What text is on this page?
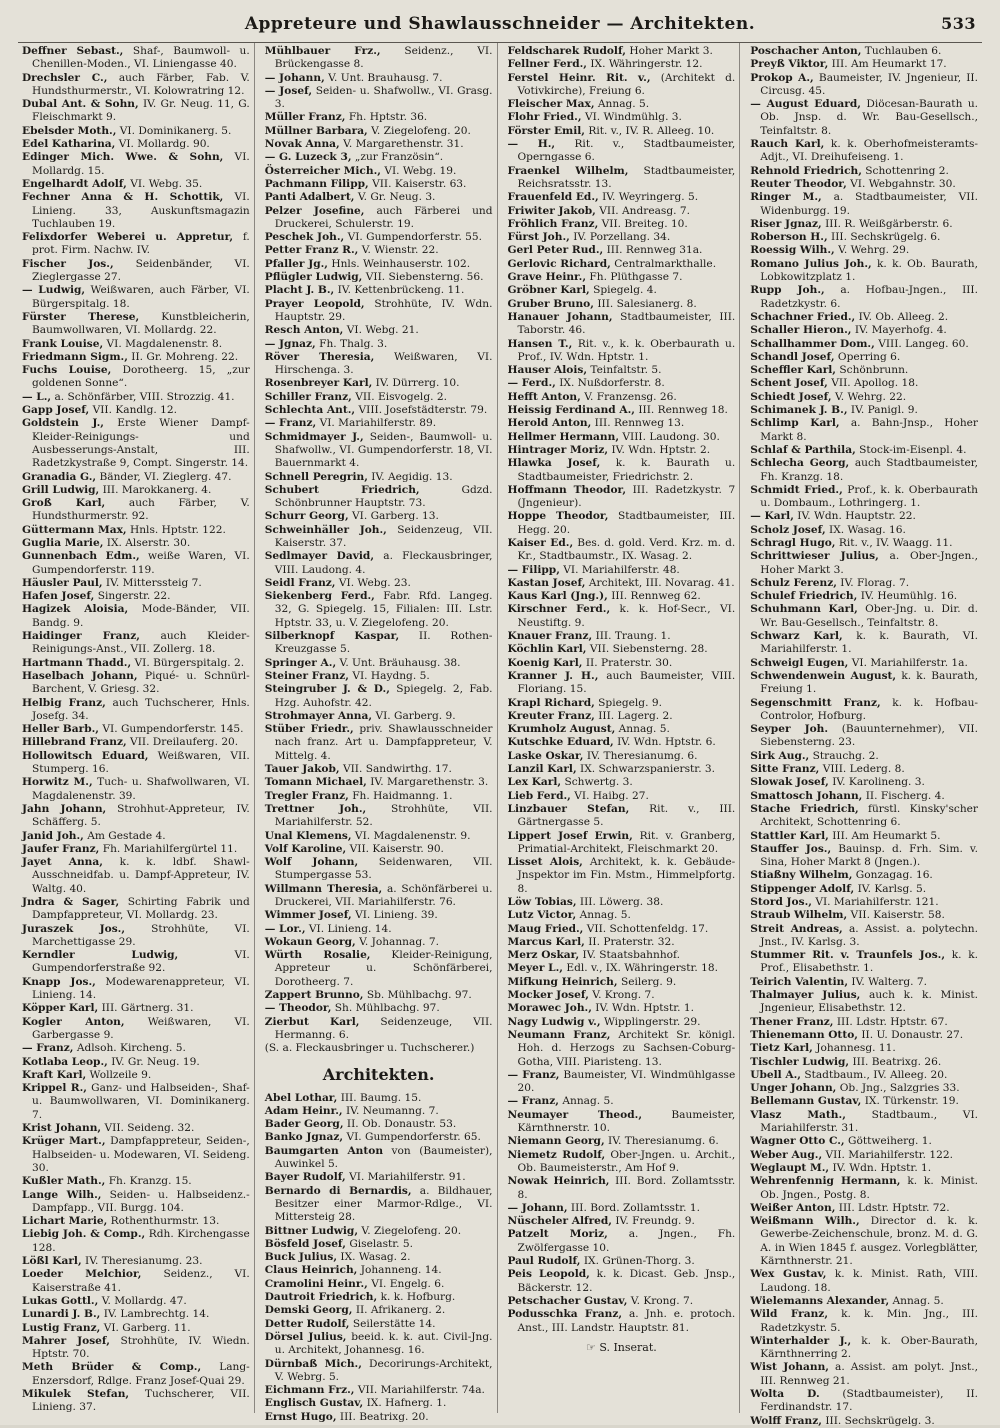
Appreteure und Shawlausschneider — Architekten.	533

Deffner Sebast., Shaf-, Baumwoll- u. Chenillen-Moden., VI. Liniengasse 40.

Drechsler C., auch Färber, Fab. V. Hundsthurmerstr., VI. Kolowratring 12.

Dubal Ant. & Sohn, IV. Gr. Neug. 11, G. Fleischmarkt 9.

Ebelsder Moth., VI. Dominikanerg. 5.

Edel Katharina, VI. Mollardg. 90.

Edinger Mich. Wwe. & Sohn, VI. Mollardg. 15.

Engelhardt Adolf, VI. Webg. 35.

Fechner Anna & H. Schottik, VI. Linieng. 33, Auskunftsmagazin Tuchlauben 19.

Felixdorfer Weberei u. Appretur, f. prot. Firm. Nachw. IV.

Fischer Jos., Seidenbänder, VI. Zieglergasse 27.

— Ludwig, Weißwaren, auch Färber, VI. Bürgerspitalg. 18.

Fürster Therese, Kunstbleicherin, Baumwollwaren, VI. Mollardg. 22.

Frank Louise, VI. Magdalenenstr. 8.

Friedmann Sigm., II. Gr. Mohreng. 22.

Fuchs Louise, Dorotheerg. 15, „zur goldenen Sonne“.

— L., a. Schönfärber, VIII. Strozzig. 41.

Gapp Josef, VII. Kandlg. 12.

Goldstein J., Erste Wiener Dampf-Kleider-Reinigungs- und Ausbesserungs-Anstalt, III. Radetzkystraße 9, Compt. Singerstr. 14.

Granadia G., Bänder, VI. Zieglerg. 47.

Grill Ludwig, III. Marokkanerg. 4.

Groß Karl, auch Färber, V. Hundsthurmerstr. 92.

Güttermann Max, Hnls. Hptstr. 122.

Guglia Marie, IX. Alserstr. 30.

Gunnenbach Edm., weiße Waren, VI. Gumpendorferstr. 119.

Häusler Paul, IV. Mitterssteig 7.

Hafen Josef, Singerstr. 22.

Hagizek Aloisia, Mode-Bänder, VII. Bandg. 9.

Haidinger Franz, auch Kleider-Reinigungs-Anst., VII. Zollerg. 18.

Hartmann Thadd., VI. Bürgerspitalg. 2.

Haselbach Johann, Piqué- u. Schnürl-Barchent, V. Griesg. 32.

Helbig Franz, auch Tuchscherer, Hnls. Josefg. 34.

Heller Barb., VI. Gumpendorferstr. 145.

Hillebrand Franz, VII. Dreilauferg. 20.

Hollowitsch Eduard, Weißwaren, VII. Stumperg. 16.

Horwitz M., Tuch- u. Shafwollwaren, VI. Magdalenenstr. 39.

Jahn Johann, Strohhut-Appreteur, IV. Schäfferg. 5.

Janid Joh., Am Gestade 4.

Jaufer Franz, Fh. Mariahilfergürtel 11.

Jayet Anna, k. k. ldbf. Shawl-Ausschneidfab. u. Dampf-Appreteur, IV. Waltg. 40.

Jndra & Sager, Schirting Fabrik und Dampfappreteur, VI. Mollardg. 23.

Juraszek Jos., Strohhüte, VI. Marchettigasse 29.

Kerndler Ludwig,	VI. Gumpendorferstraße 92.

Knapp Jos., Modewarenappreteur, VI. Linieng. 14.

Köpper Karl, III. Gärtnerg. 31.

Kogler Anton, Weißwaren, VI. Garbergasse 9.

— Franz, Adlsoh. Kircheng. 5.

Kotlaba Leop., IV. Gr. Neug. 19.

Kraft Karl, Wollzeile 9.

Krippel R., Ganz- und Halbseiden-, Shaf- u. Baumwollwaren, VI. Dominikanerg. 7.

Krist Johann, VII. Seideng. 32.

Krüger Mart., Dampfappreteur, Seiden-, Halbseiden- u. Modewaren, VI. Seideng. 30.

Kußler Math., Fh. Kranzg. 15.

Lange Wilh., Seiden- u. Halbseidenz.-Dampfapp., VII. Burgg. 104.

Lichart Marie, Rothenthurmstr. 13.

Liebig Joh. & Comp., Rdh. Kirchengasse 128.

Lößl Karl, IV. Theresianumg. 23.

Loeder Melchior, Seidenz., VI. Kaiserstraße 41.

Lukas Gottl., V. Mollardg. 47.

Lunardi J. B., IV. Lambrechtg. 14.

Lustig Franz, VI. Garberg. 11.

Mahrer Josef, Strohhüte, IV. Wiedn. Hptstr. 70.

Meth Brüder & Comp., Lang-Enzersdorf, Rdlge. Franz Josef-Quai 29.

Mikulek Stefan, Tuchscherer, VII. Linieng. 37.

Mühlbauer Frz., Seidenz., VI. Brückengasse 8.

— Johann, V. Unt. Brauhausg. 7.

— Josef, Seiden- u. Shafwollw., VI. Grasg. 3.

Müller Franz, Fh. Hptstr. 36.

Müllner Barbara, V. Ziegelofeng. 20.

Novak Anna, V. Margarethenstr. 31.

— G. Luzeck 3, „zur Französin“.

Österreicher Mich., VI. Webg. 19.

Pachmann Filipp, VII. Kaiserstr. 63.

Panti Adalbert, V. Gr. Neug. 3.

Pelzer Josefine, auch Färberei und Druckerei, Schulerstr. 19.

Peschek Joh., VI. Gumpendorferstr. 55.

Petter Franz R., V. Wienstr. 22.

Pfaller Jg., Hnls. Weinhauserstr. 102.

Pflügler Ludwig, VII. Siebensterng. 56.

Placht J. B., IV. Kettenbrückeng. 11.

Prayer Leopold, Strohhüte, IV. Wdn. Hauptstr. 29.

Resch Anton, VI. Webg. 21.

— Jgnaz, Fh. Thalg. 3.

Röver Theresia, Weißwaren, VI. Hirschenga. 3.

Rosenbreyer Karl, IV. Dürrerg. 10.

Schiller Franz, VII. Eisvogelg. 2.

Schlechta Ant., VIII. Josefstädterstr. 79.

— Franz, VI. Mariahilferstr. 89.

Schmidmayer J., Seiden-, Baumwoll- u. Shafwollw., VI. Gumpendorferstr. 18, VI. Bauernmarkt 4.

Schnell Peregrin, IV. Aegidig. 13.

Schubert Friedrich,	Gdzd. Schönbrunner Hauptstr. 73.

Schurr Georg, VI. Garberg. 13.

Schweinhäller Joh., Seidenzeug, VII. Kaiserstr. 37.

Sedlmayer David, a. Fleckausbringer, VIII. Laudong. 4.

Seidl Franz, VI. Webg. 23.

Siekenberg Ferd., Fabr. Rfd. Langeg. 32, G. Spiegelg. 15, Filialen: III. Lstr. Hptstr. 33, u. V. Ziegelofeng. 20.

Silberknopf Kaspar, II. Rothen-Kreuzgasse 5.

Springer A., V. Unt. Bräuhausg. 38.

Steiner Franz, VI. Haydng. 5.

Steingruber J. & D., Spiegelg. 2, Fab. Hzg. Auhofstr. 42.

Strohmayer Anna, VI. Garberg. 9.

Stüber Friedr., priv. Shawlausschneider nach franz. Art u. Dampfappreteur, V. Mittelg. 4.

Tauer Jakob, VII. Sandwirthg. 17.

Tomann Michael, IV. Margarethenstr. 3.

Tregler Franz, Fh. Haidmanng. 1.

Trettner Joh., Strohhüte, VII. Mariahilferstr. 52.

Unal Klemens, VI. Magdalenenstr. 9.

Volf Karoline, VII. Kaiserstr. 90.

Wolf Johann, Seidenwaren, VII. Stumpergasse 53.

Willmann Theresia, a. Schönfärberei u. Druckerei, VII. Mariahilferstr. 76.

Wimmer Josef, VI. Linieng. 39.

— Lor., VI. Linieng. 14.

Wokaun Georg, V. Johannag. 7.

Würth Rosalie, Kleider-Reinigung, Appreteur u. Schönfärberei, Dorotheerg. 7.

Zappert Brunno, Sb. Mühlbachg. 97.

— Theodor, Sh. Mühlbachg. 97.

Zierbut Karl, Seidenzeuge, VII. Hermanng. 6.

(S. a. Fleckausbringer u. Tuchscherer.)

Architekten.

Abel Lothar, III. Baumg. 15.

Adam Heinr., IV. Neumanng. 7.

Bader Georg, II. Ob. Donaustr. 53.

Banko Jgnaz, VI. Gumpendorferstr. 65.

Baumgarten Anton von (Baumeister), Auwinkel 5.

Bayer Rudolf, VI. Mariahilferstr. 91.

Bernardo di Bernardis, a. Bildhauer, Besitzer einer Marmor-Rdlge., VI. Mittersteig 28.

Bittner Ludwig, V. Ziegelofeng. 20.

Bösfeld Josef, Giselastr. 5.

Buck Julius, IX. Wasag. 2.

Claus Heinrich, Johanneng. 14.

Cramolini Heinr., VI. Engelg. 6.

Dautroit Friedrich, k. k. Hofburg.

Demski Georg, II. Afrikanerg. 2.

Detter Rudolf, Seilerstätte 14.

Dörsel Julius, beeid. k. k. aut. Civil-Jng. u. Architekt, Johannesg. 16.

Dürnbaß Mich., Decorirungs-Architekt, V. Webrg. 5.

Eichmann Frz., VII. Mariahilferstr. 74a.

Englisch Gustav, IX. Hafnerg. 1.

Ernst Hugo, III. Beatrixg. 20.

Feldscharek Rudolf, Hoher Markt 3.

Fellner Ferd., IX. Währingerstr. 12.

Ferstel Heinr. Rit. v., (Architekt d. Votivkirche), Freiung 6.

Fleischer Max, Annag. 5.

Flohr Fried., VI. Windmühlg. 3.

Förster Emil, Rit. v., IV. R. Alleeg. 10.

— H., Rit. v., Stadtbaumeister, Operngasse 6.

Fraenkel Wilhelm, Stadtbaumeister, Reichsratsstr. 13.

Frauenfeld Ed., IV. Weyringerg. 5.

Friwiter Jakob, VII. Andreasg. 7.

Fröhlich Franz, VII. Breiteg. 10.

Fürst Joh., IV. Porzellang. 34.

Gerl Peter Rud., III. Rennweg 31a.

Gerlovic Richard, Centralmarkthalle.

Grave Heinr., Fh. Plüthgasse 7.

Gröbner Karl, Spiegelg. 4.

Gruber Bruno, III. Salesianerg. 8.

Hanauer Johann, Stadtbaumeister, III. Taborstr. 46.

Hansen T., Rit. v., k. k. Oberbaurath u. Prof., IV. Wdn. Hptstr. 1.

Hauser Alois, Teinfaltstr. 5.

— Ferd., IX. Nußdorferstr. 8.

Hefft Anton, V. Franzensg. 26.

Heissig Ferdinand A., III. Rennweg 18.

Herold Anton, III. Rennweg 13.

Hellmer Hermann, VIII. Laudong. 30.

Hintrager Moriz, IV. Wdn. Hptstr. 2.

Hlawka Josef, k. k. Baurath u. Stadtbaumeister, Friedrichstr. 2.

Hoffmann Theodor, III. Radetzkystr. 7 (Jngenieur).

Hoppe Theodor, Stadtbaumeister, III. Hegg. 20.

Kaiser Ed., Bes. d. gold. Verd. Krz. m. d. Kr., Stadtbaumstr., IX. Wasag. 2.

— Filipp, VI. Mariahilferstr. 48.

Kastan Josef, Architekt, III. Novarag. 41.

Kaus Karl (Jng.), III. Rennweg 62.

Kirschner Ferd., k. k. Hof-Secr., VI. Neustiftg. 9.

Knauer Franz, III. Traung. 1.

Köchlin Karl, VII. Siebensterng. 28.

Koenig Karl, II. Praterstr. 30.

Kranner J. H., auch Baumeister, VIII. Floriang. 15.

Krapl Richard, Spiegelg. 9.

Kreuter Franz, III. Lagerg. 2.

Krumholz August, Annag. 5.

Kutschke Eduard, IV. Wdn. Hptstr. 6.

Laske Oskar, IV. Theresianumg. 6.

Lanzil Karl, IX. Schwarzspanierstr. 3.

Lex Karl, Schwertg. 3.

Lieb Ferd., VI. Haibg. 27.

Linzbauer Stefan, Rit. v., III. Gärtnergasse 5.

Lippert Josef Erwin, Rit. v. Granberg, Primatial-Architekt, Fleischmarkt 20.

Lisset Alois, Architekt, k. k. Gebäude-Jnspektor im Fin. Mstm., Himmelpfortg. 8.

Löw Tobias, III. Löwerg. 38.

Lutz Victor, Annag. 5.

Maug Fried., VII. Schottenfeldg. 17.

Marcus Karl, II. Praterstr. 32.

Merz Oskar, IV. Staatsbahnhof.

Meyer L., Edl. v., IX. Währingerstr. 18.

Mifkung Heinrich, Seilerg. 9.

Mocker Josef, V. Krong. 7.

Morawec Joh., IV. Wdn. Hptstr. 1.

Nagy Ludwig v., Wipplingerstr. 29.

Neumann Franz, Architekt Sr. königl. Hoh. d. Herzogs zu Sachsen-Coburg-Gotha, VIII. Piaristeng. 13.

— Franz, Baumeister, VI. Windmühlgasse 20.

— Franz, Annag. 5.

Neumayer Theod.,	Baumeister, Kärnthnerstr. 10.

Niemann Georg, IV. Theresianumg. 6.

Niemetz Rudolf, Ober-Jngen. u. Archit., Ob. Baumeisterstr., Am Hof 9.

Nowak Heinrich, III. Bord. Zollamtsstr. 8.

— Johann, III. Bord. Zollamtsstr. 1.

Nüscheler Alfred, IV. Freundg. 9.

Patzelt Moriz, a. Jngen., Fh. Zwölfergasse 10.

Paul Rudolf, IX. Grünen-Thorg. 3.

Peis Leopold, k. k. Dicast. Geb. Jnsp., Bäckerstr. 12.

Petschacher Gustav, V. Krong. 7.

Podusschka Franz, a. Jnh. e. protoch. Anst., III. Landstr. Hauptstr. 81.

☞ S. Inserat.

Poschacher Anton, Tuchlauben 6.

Preyß Viktor, III. Am Heumarkt 17.

Prokop A., Baumeister, IV. Jngenieur, II. Circusg. 45.

— August Eduard, Diöcesan-Baurath u. Ob. Jnsp. d. Wr. Bau-Gesellsch., Teinfaltstr. 8.

Rauch Karl, k. k. Oberhofmeisteramts-Adjt., VI. Dreihufeiseng. 1.

Rehnold Friedrich, Schottenring 2.

Reuter Theodor, VI. Webgahnstr. 30.

Ringer M., a. Stadtbaumeister, VII. Widenburgg. 19.

Riser Jgnaz, III. R. Weißgärberstr. 6.

Roberson H., III. Sechskrügelg. 6.

Roessig Wilh., V. Wehrg. 29.

Romano Julius Joh., k. k. Ob. Baurath, Lobkowitzplatz 1.

Rupp Joh., a. Hofbau-Jngen., III. Radetzkystr. 6.

Schachner Fried., IV. Ob. Alleeg. 2.

Schaller Hieron., IV. Mayerhofg. 4.

Schallhammer Dom., VIII. Langeg. 60.

Schandl Josef, Operring 6.

Scheffler Karl, Schönbrunn.

Schent Josef, VII. Apollog. 18.

Schiedt Josef, V. Wehrg. 22.

Schimanek J. B., IV. Panigl. 9.

Schlimp Karl, a. Bahn-Jnsp., Hoher Markt 8.

Schlaf & Parthila, Stock-im-Eisenpl. 4.

Schlecha Georg, auch Stadtbaumeister, Fh. Kranzg. 18.

Schmidt Fried., Prof., k. k. Oberbaurath u. Dombaum., Lothringerg. 1.

— Karl, IV. Wdn. Hauptstr. 22.

Scholz Josef, IX. Wasag. 16.

Schragl Hugo, Rit. v., IV. Waagg. 11.

Schrittwieser Julius, a. Ober-Jngen., Hoher Markt 3.

Schulz Ferenz, IV. Florag. 7.

Schulef Friedrich, IV. Heumühlg. 16.

Schuhmann Karl, Ober-Jng. u. Dir. d. Wr. Bau-Gesellsch., Teinfaltstr. 8.

Schwarz Karl, k. k. Baurath, VI. Mariahilferstr. 1.

Schweigl Eugen, VI. Mariahilferstr. 1a.

Schwendenwein August, k. k. Baurath, Freiung 1.

Segenschmitt Franz, k. k. Hofbau-Controlor, Hofburg.

Seyper Joh. (Bauunternehmer), VII. Siebensterng. 23.

Sirk Aug., Strauchg. 2.

Sitte Franz, VIII. Lederg. 8.

Slowak Josef, IV. Karolineng. 3.

Smattosch Johann, II. Fischerg. 4.

Stache Friedrich, fürstl. Kinsky'scher Architekt, Schottenring 6.

Stattler Karl, III. Am Heumarkt 5.

Stauffer Jos., Bauinsp. d. Frh. Sim. v. Sina, Hoher Markt 8 (Jngen.).

Stiaßny Wilhelm, Gonzagag. 16.

Stippenger Adolf, IV. Karlsg. 5.

Stord Jos., VI. Mariahilferstr. 121.

Straub Wilhelm, VII. Kaiserstr. 58.

Streit Andreas, a. Assist. a. polytechn. Jnst., IV. Karlsg. 3.

Stummer Rit. v. Traunfels Jos., k. k. Prof., Elisabethstr. 1.

Teirich Valentin, IV. Walterg. 7.

Thalmayer Julius, auch k. k. Minist. Jngenieur, Elisabethstr. 12.

Thener Franz, III. Ldstr. Hptstr. 67.

Thienemann Otto, II. U. Donaustr. 27.

Tietz Karl, Johannesg. 11.

Tischler Ludwig, III. Beatrixg. 26.

Ubell A., Stadtbaum., IV. Alleeg. 20.

Unger Johann, Ob. Jng., Salzgries 33.

Bellemann Gustav, IX. Türkenstr. 19.

Vlasz Math., Stadtbaum., VI. Mariahilferstr. 31.

Wagner Otto C., Göttweiherg. 1.

Weber Aug., VII. Mariahilferstr. 122.

Weglaupt M., IV. Wdn. Hptstr. 1.

Wehrenfennig Hermann, k. k. Minist. Ob. Jngen., Postg. 8.

Weißer Anton, III. Ldstr. Hptstr. 72.

Weißmann Wilh., Director d. k. k. Gewerbe-Zeichenschule, bronz. M. d. G. A. in Wien 1845 f. ausgez. Vorlegblätter, Kärnthnerstr. 21.

Wex Gustav, k. k. Minist. Rath, VIII. Laudong. 18.

Wielemanns Alexander, Annag. 5.

Wild Franz, k. k. Min. Jng., III. Radetzkystr. 5.

Winterhalder J., k. k. Ober-Baurath, Kärnthnerring 2.

Wist Johann, a. Assist. am polyt. Jnst., III. Rennweg 21.

Wolta D. (Stadtbaumeister), II. Ferdinandstr. 17.

Wolff Franz, III. Sechskrügelg. 3.
